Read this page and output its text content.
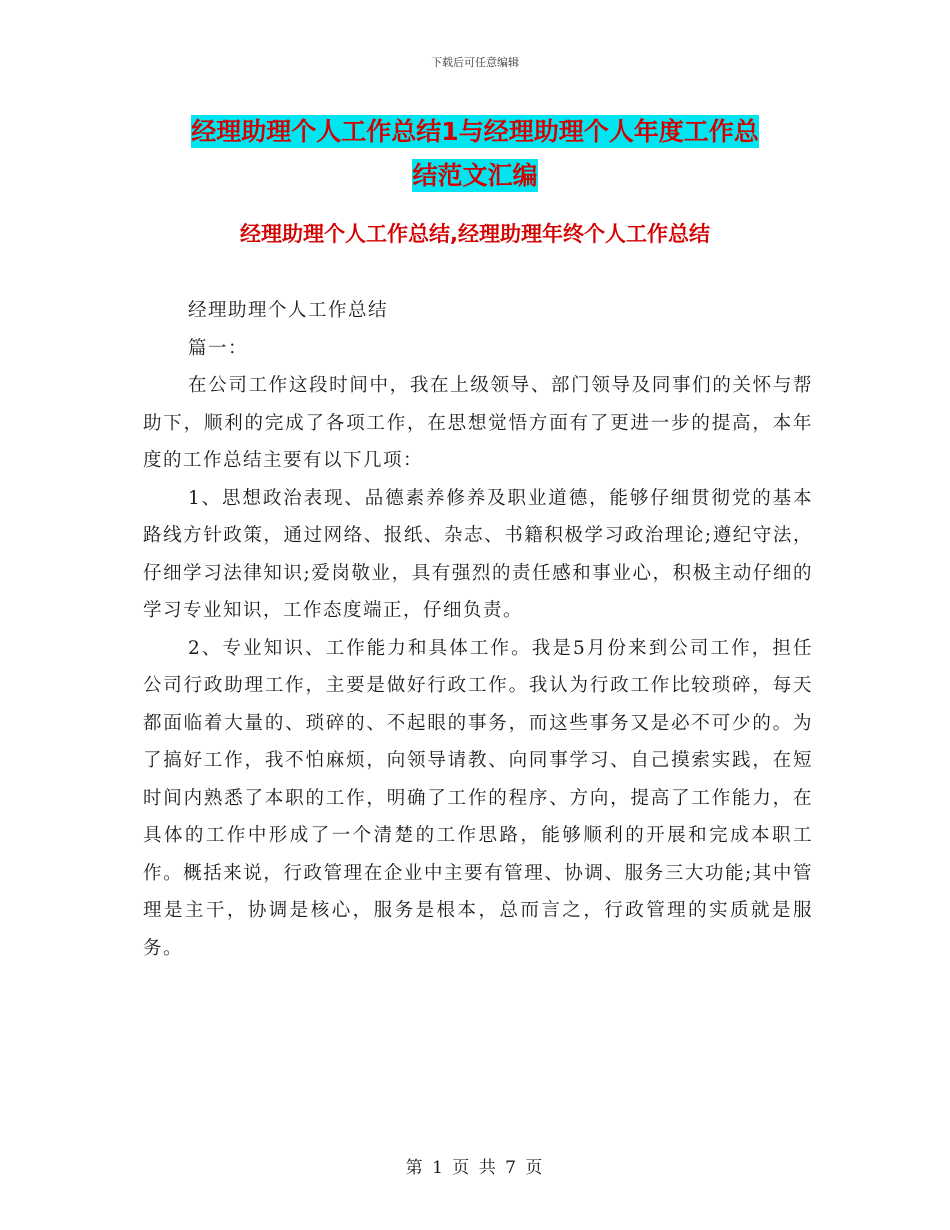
下载后可任意编辑
经理助理个人工作总结1与经理助理个人年度工作总
结范文汇编
经理助理个人工作总结,经理助理年终个人工作总结

经理助理个人工作总结

篇一：

在公司工作这段时间中，我在上级领导、部门领导及同事们的关怀与帮助下，顺利的完成了各项工作，在思想觉悟方面有了更进一步的提高，本年度的工作总结主要有以下几项：

1、思想政治表现、品德素养修养及职业道德，能够仔细贯彻党的基本路线方针政策，通过网络、报纸、杂志、书籍积极学习政治理论;遵纪守法，仔细学习法律知识;爱岗敬业，具有强烈的责任感和事业心，积极主动仔细的学习专业知识，工作态度端正，仔细负责。

2、专业知识、工作能力和具体工作。我是5月份来到公司工作，担任公司行政助理工作，主要是做好行政工作。我认为行政工作比较琐碎，每天都面临着大量的、琐碎的、不起眼的事务，而这些事务又是必不可少的。为了搞好工作，我不怕麻烦，向领导请教、向同事学习、自己摸索实践，在短时间内熟悉了本职的工作，明确了工作的程序、方向，提高了工作能力，在具体的工作中形成了一个清楚的工作思路，能够顺利的开展和完成本职工作。概括来说，行政管理在企业中主要有管理、协调、服务三大功能;其中管理是主干，协调是核心，服务是根本，总而言之，行政管理的实质就是服务。

第 1 页 共 7 页
